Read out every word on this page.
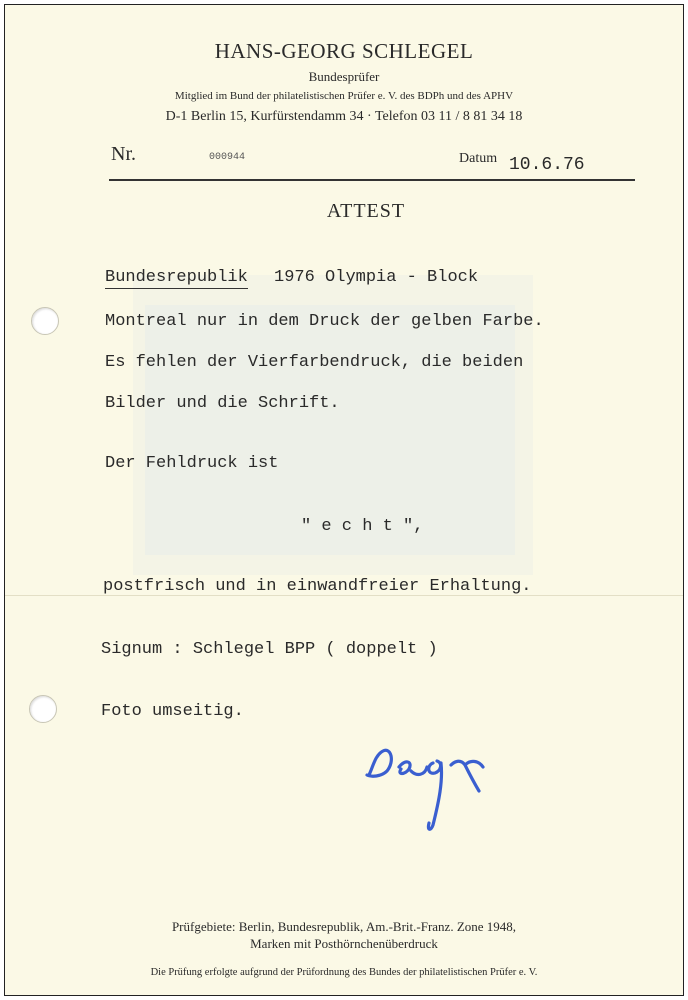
HANS-GEORG SCHLEGEL
Bundesprüfer
Mitglied im Bund der philatelistischen Prüfer e. V. des BDPh und des APHV
D-1 Berlin 15, Kurfürstendamm 34 · Telefon 03 11 / 8 81 34 18
Nr.	000944	Datum 10.6.76
ATTEST
Bundesrepublik 1976 Olympia - Block
Montreal nur in dem Druck der gelben Farbe.
Es fehlen der Vierfarbendruck, die beiden
Bilder und die Schrift.
Der Fehldruck ist
" e c h t ",
postfrisch und in einwandfreier Erhaltung.
Signum : Schlegel BPP ( doppelt )
Foto umseitig.
Prüfgebiete: Berlin, Bundesrepublik, Am.-Brit.-Franz. Zone 1948,
Marken mit Posthörnchenüberdruck
Die Prüfung erfolgte aufgrund der Prüfordnung des Bundes der philatelistischen Prüfer e. V.
